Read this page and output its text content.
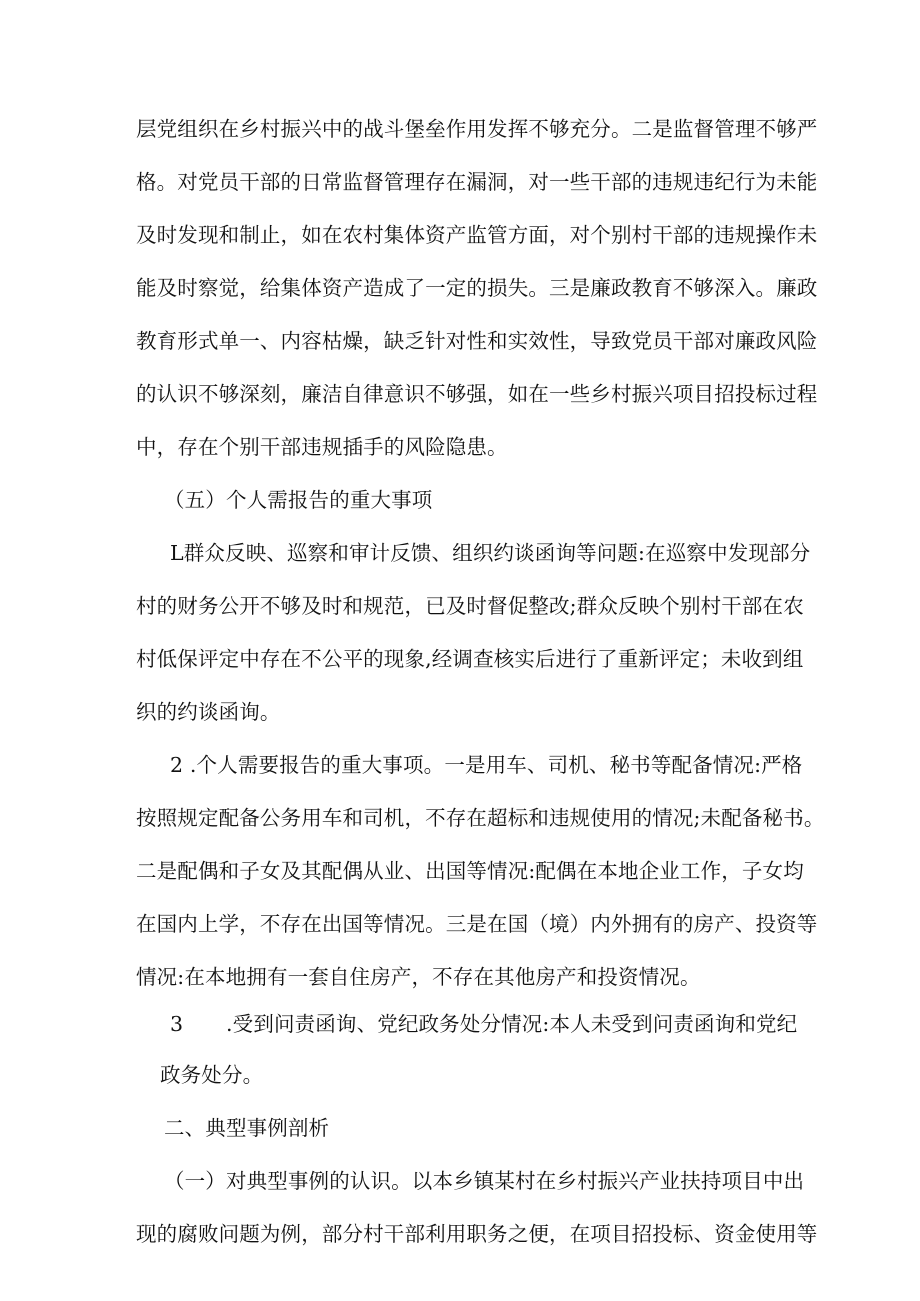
层党组织在乡村振兴中的战斗堡垒作用发挥不够充分。二是监督管理不够严
格。对党员干部的日常监督管理存在漏洞，对一些干部的违规违纪行为未能
及时发现和制止，如在农村集体资产监管方面，对个别村干部的违规操作未
能及时察觉，给集体资产造成了一定的损失。三是廉政教育不够深入。廉政
教育形式单一、内容枯燥，缺乏针对性和实效性，导致党员干部对廉政风险
的认识不够深刻，廉洁自律意识不够强，如在一些乡村振兴项目招投标过程
中，存在个别干部违规插手的风险隐患。
（五）个人需报告的重大事项
L群众反映、巡察和审计反馈、组织约谈函询等问题:在巡察中发现部分
村的财务公开不够及时和规范，已及时督促整改;群众反映个别村干部在农
村低保评定中存在不公平的现象,经调查核实后进行了重新评定；未收到组
织的约谈函询。
2 .个人需要报告的重大事项。一是用车、司机、秘书等配备情况:严格
按照规定配备公务用车和司机，不存在超标和违规使用的情况;未配备秘书。
二是配偶和子女及其配偶从业、出国等情况:配偶在本地企业工作，子女均
在国内上学，不存在出国等情况。三是在国（境）内外拥有的房产、投资等
情况:在本地拥有一套自住房产，不存在其他房产和投资情况。
3 .受到问责函询、党纪政务处分情况:本人未受到问责函询和党纪
政务处分。
二、典型事例剖析
（一）对典型事例的认识。以本乡镇某村在乡村振兴产业扶持项目中出
现的腐败问题为例，部分村干部利用职务之便，在项目招投标、资金使用等
